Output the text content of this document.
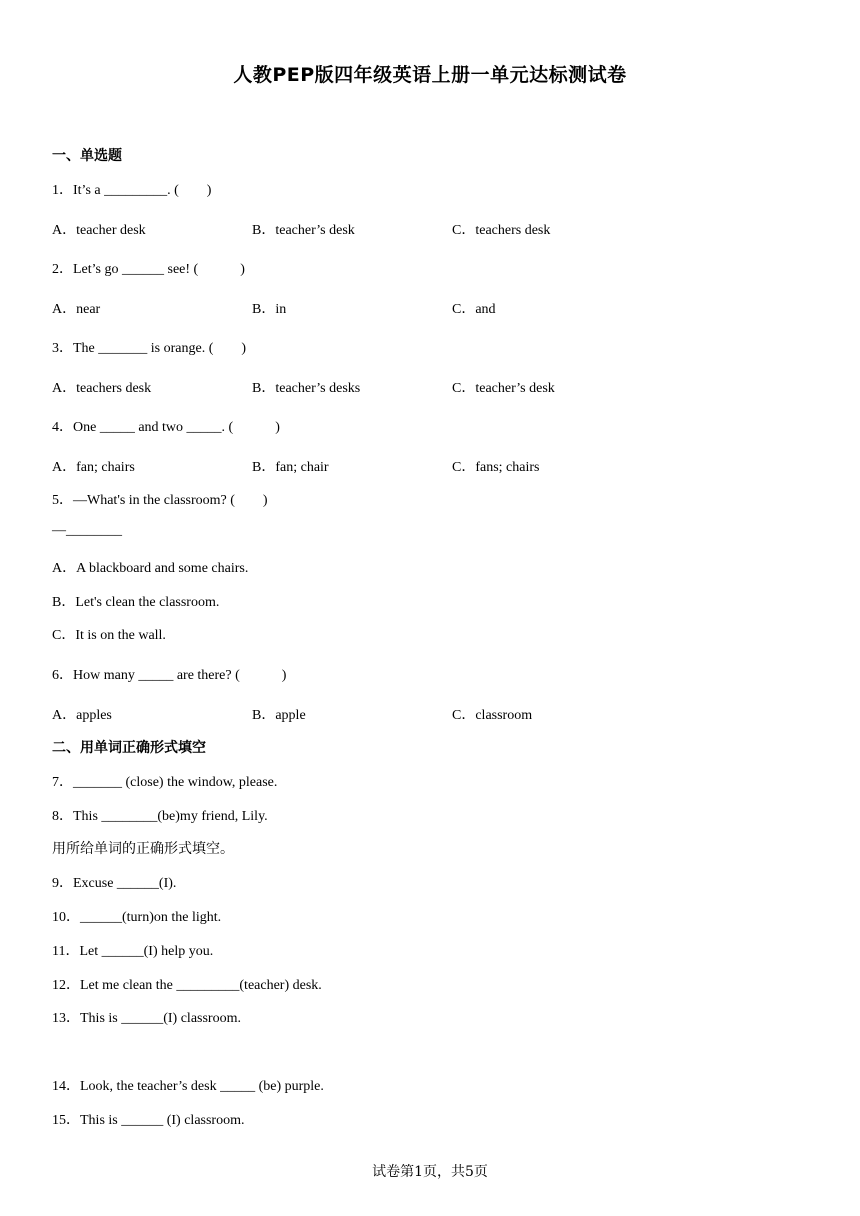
人教PEP版四年级英语上册一单元达标测试卷
一、单选题
1．It’s a _________. (　　)
A．teacher desk	B．teacher’s desk	C．teachers desk
2．Let’s go ______ see! (　　　)
A．near	B．in	C．and
3．The _______ is orange. (　　)
A．teachers desk	B．teacher’s desks	C．teacher’s desk
4．One _____ and two _____. (　　　)
A．fan; chairs	B．fan; chair	C．fans; chairs
5．—What's in the classroom? (　　)
—________
A．A blackboard and some chairs.
B．Let's clean the classroom.
C．It is on the wall.
6．How many _____ are there? (　　　)
A．apples	B．apple	C．classroom
二、用单词正确形式填空
7．_______ (close) the window, please.
8．This ________(be)my friend, Lily.
用所给单词的正确形式填空。
9．Excuse ______(I).
10．______(turn)on the light.
11．Let ______(I) help you.
12．Let me clean the _________(teacher) desk.
13．This is ______(I) classroom.
14．Look, the teacher’s desk _____ (be) purple.
15．This is ______ (I) classroom.
试卷第1页，共5页
